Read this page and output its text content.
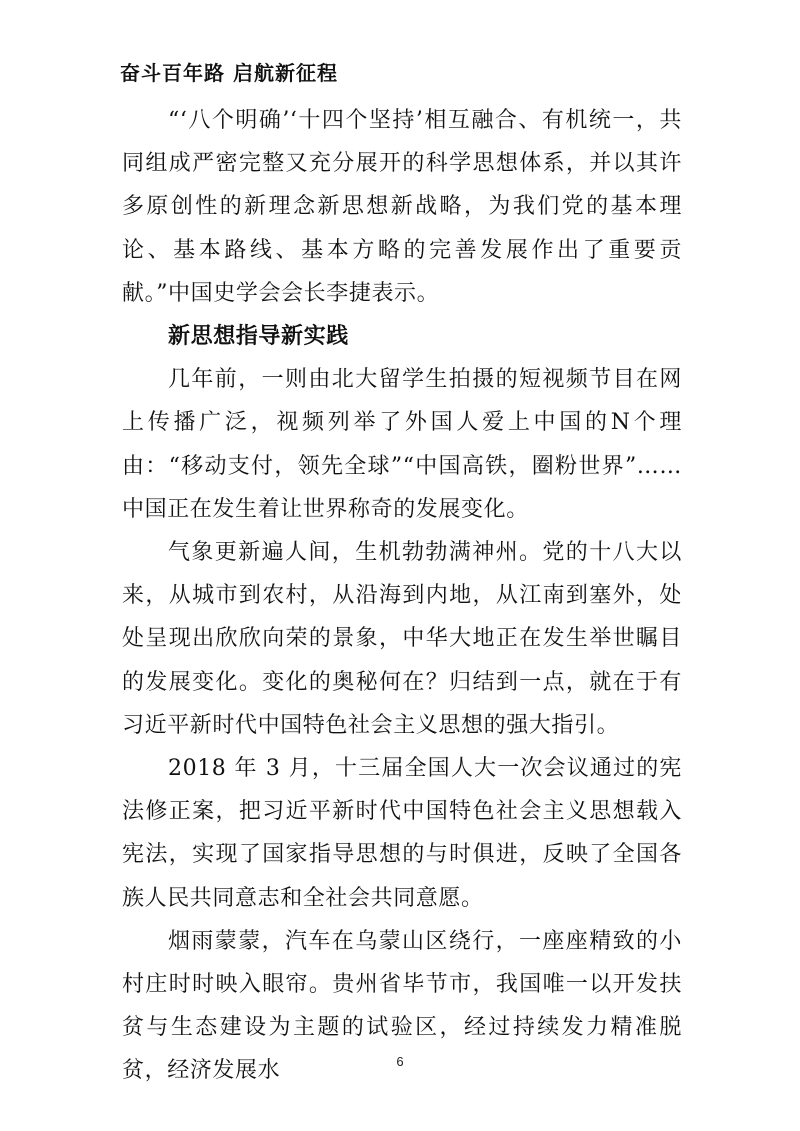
奋斗百年路 启航新征程

“‘八个明确’‘十四个坚持’相互融合、有机统一，共同组成严密完整又充分展开的科学思想体系，并以其许多原创性的新理念新思想新战略，为我们党的基本理论、基本路线、基本方略的完善发展作出了重要贡献。”中国史学会会长李捷表示。

新思想指导新实践

几年前，一则由北大留学生拍摄的短视频节目在网上传播广泛，视频列举了外国人爱上中国的N个理由：“移动支付，领先全球”“中国高铁，圈粉世界”……中国正在发生着让世界称奇的发展变化。

气象更新遍人间，生机勃勃满神州。党的十八大以来，从城市到农村，从沿海到内地，从江南到塞外，处处呈现出欣欣向荣的景象，中华大地正在发生举世瞩目的发展变化。变化的奥秘何在？归结到一点，就在于有习近平新时代中国特色社会主义思想的强大指引。

2018 年 3 月，十三届全国人大一次会议通过的宪法修正案，把习近平新时代中国特色社会主义思想载入宪法，实现了国家指导思想的与时俱进，反映了全国各族人民共同意志和全社会共同意愿。

烟雨蒙蒙，汽车在乌蒙山区绕行，一座座精致的小村庄时时映入眼帘。贵州省毕节市，我国唯一以开发扶贫与生态建设为主题的试验区，经过持续发力精准脱贫，经济发展水	6
